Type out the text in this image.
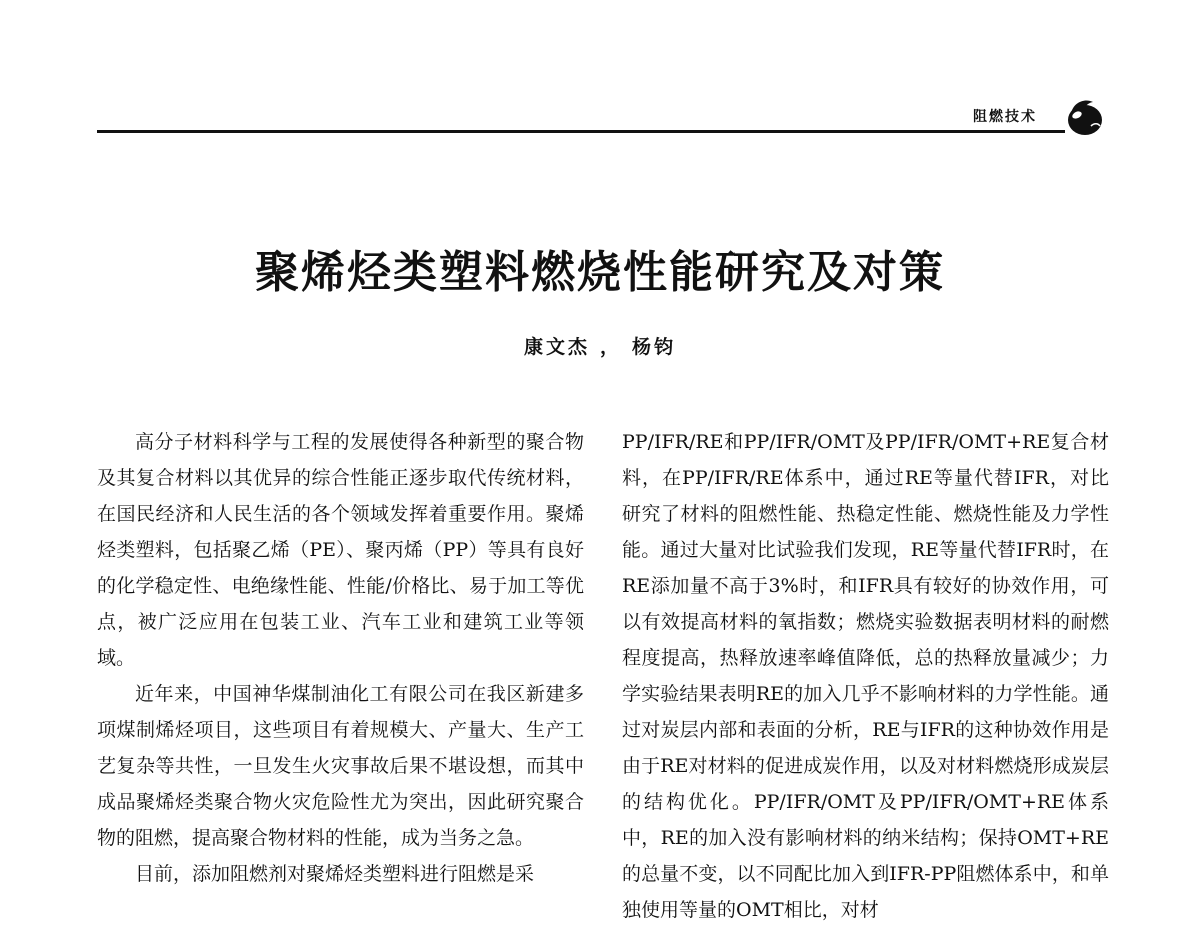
阻燃技术
聚烯烃类塑料燃烧性能研究及对策
康文杰 ， 杨钧

高分子材料科学与工程的发展使得各种新型的聚合物及其复合材料以其优异的综合性能正逐步取代传统材料，在国民经济和人民生活的各个领域发挥着重要作用。聚烯烃类塑料，包括聚乙烯（PE）、聚丙烯（PP）等具有良好的化学稳定性、电绝缘性能、性能/价格比、易于加工等优点，被广泛应用在包装工业、汽车工业和建筑工业等领域。

近年来，中国神华煤制油化工有限公司在我区新建多项煤制烯烃项目，这些项目有着规模大、产量大、生产工艺复杂等共性，一旦发生火灾事故后果不堪设想，而其中成品聚烯烃类聚合物火灾危险性尤为突出，因此研究聚合物的阻燃，提高聚合物材料的性能，成为当务之急。

目前，添加阻燃剂对聚烯烃类塑料进行阻燃是采

PP/IFR/RE和PP/IFR/OMT及PP/IFR/OMT+RE复合材料，在PP/IFR/RE体系中，通过RE等量代替IFR，对比研究了材料的阻燃性能、热稳定性能、燃烧性能及力学性能。通过大量对比试验我们发现，RE等量代替IFR时，在RE添加量不高于3%时，和IFR具有较好的协效作用，可以有效提高材料的氧指数；燃烧实验数据表明材料的耐燃程度提高，热释放速率峰值降低，总的热释放量减少；力学实验结果表明RE的加入几乎不影响材料的力学性能。通过对炭层内部和表面的分析，RE与IFR的这种协效作用是由于RE对材料的促进成炭作用，以及对材料燃烧形成炭层的结构优化。PP/IFR/OMT及PP/IFR/OMT+RE体系中，RE的加入没有影响材料的纳米结构；保持OMT+RE的总量不变，以不同配比加入到IFR-PP阻燃体系中，和单独使用等量的OMT相比，对材
